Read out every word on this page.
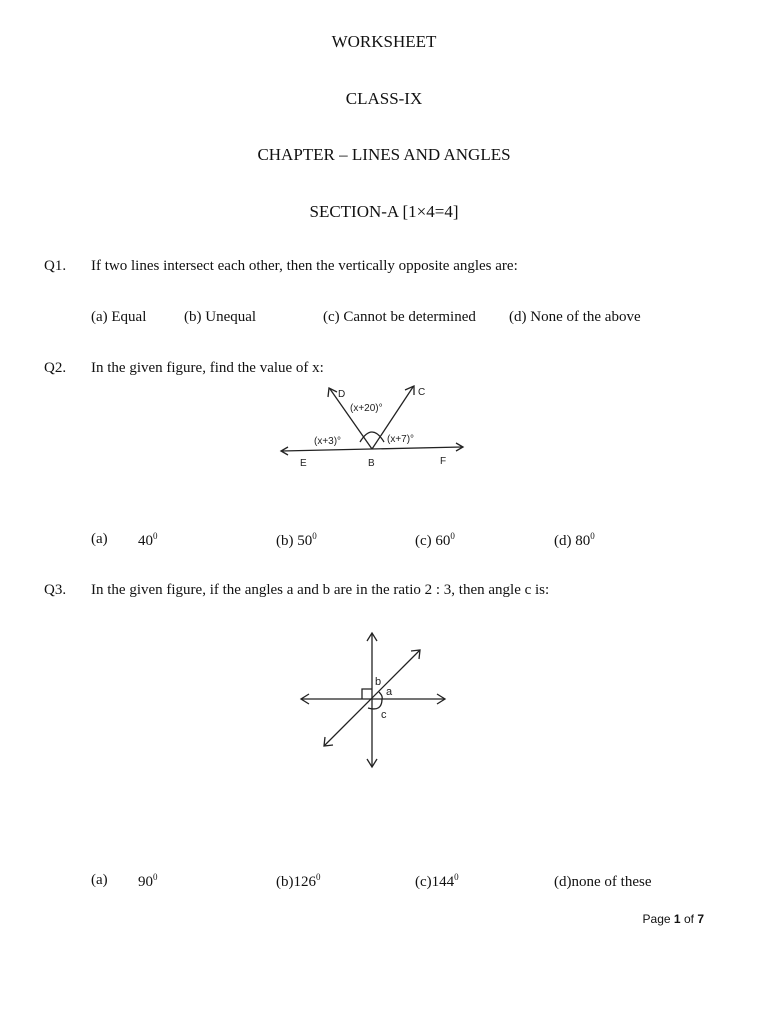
WORKSHEET
CLASS-IX
CHAPTER – LINES AND ANGLES
SECTION-A [1×4=4]
Q1. If two lines intersect each other, then the vertically opposite angles are:
(a) Equal	(b) Unequal	(c) Cannot be determined (d) None of the above
Q2. In the given figure, find the value of x:
D	C
E	B	F
(x+20)°
(x+3)°	(x+7)°
(a) $40^0$	(b) $50^0$	(c) $60^0$	(d) $80^0$
Q3. In the given figure, if the angles a and b are in the ratio 2 : 3, then angle c is:
b
a
c
(a) $90^0$	$(b)126^0$	$(c)144^0$	(d)none of these
Page 1 of 7
